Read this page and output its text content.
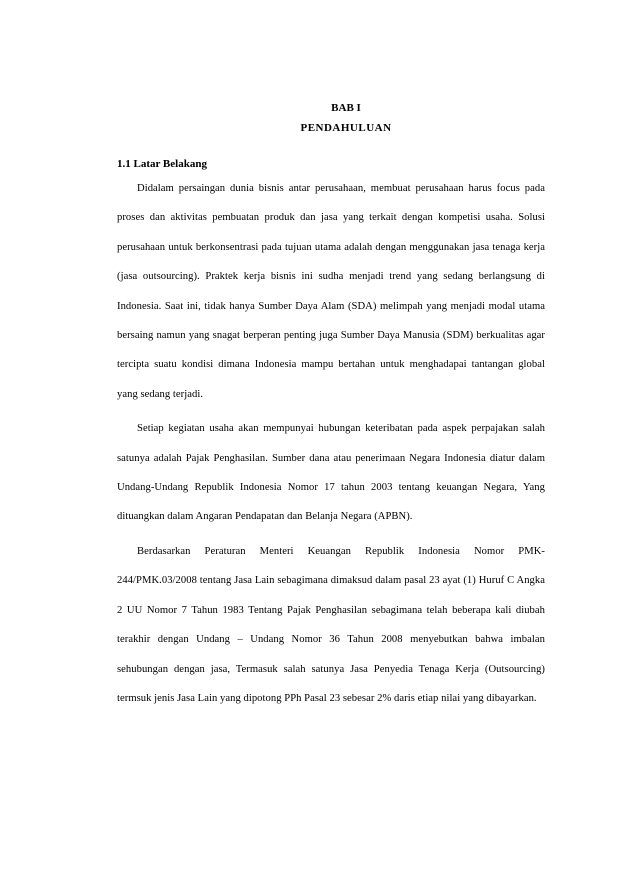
BAB I

PENDAHULUAN

1.1 Latar Belakang

Didalam persaingan dunia bisnis antar perusahaan, membuat perusahaan harus focus pada proses dan aktivitas pembuatan produk dan jasa yang terkait dengan kompetisi usaha. Solusi perusahaan untuk berkonsentrasi pada tujuan utama adalah dengan menggunakan jasa tenaga kerja (jasa outsourcing). Praktek kerja bisnis ini sudha menjadi trend yang sedang berlangsung di Indonesia. Saat ini, tidak hanya Sumber Daya Alam (SDA) melimpah yang menjadi modal utama bersaing namun yang snagat berperan penting juga Sumber Daya Manusia (SDM) berkualitas agar tercipta suatu kondisi dimana Indonesia mampu bertahan untuk menghadapai tantangan global yang sedang terjadi.

Setiap kegiatan usaha akan mempunyai hubungan keteribatan pada aspek perpajakan salah satunya adalah Pajak Penghasilan. Sumber dana atau penerimaan Negara Indonesia diatur dalam Undang-Undang Republik Indonesia Nomor 17 tahun 2003 tentang keuangan Negara, Yang dituangkan dalam Angaran Pendapatan dan Belanja Negara (APBN).

Berdasarkan Peraturan Menteri Keuangan Republik Indonesia Nomor PMK-244/PMK.03/2008 tentang Jasa Lain sebagimana dimaksud dalam pasal 23 ayat (1) Huruf C Angka 2 UU Nomor 7 Tahun 1983 Tentang Pajak Penghasilan sebagimana telah beberapa kali diubah terakhir dengan Undang – Undang Nomor 36 Tahun 2008 menyebutkan bahwa imbalan sehubungan dengan jasa, Termasuk salah satunya Jasa Penyedia Tenaga Kerja (Outsourcing) termsuk jenis Jasa Lain yang dipotong PPh Pasal 23 sebesar 2% daris etiap nilai yang dibayarkan.
